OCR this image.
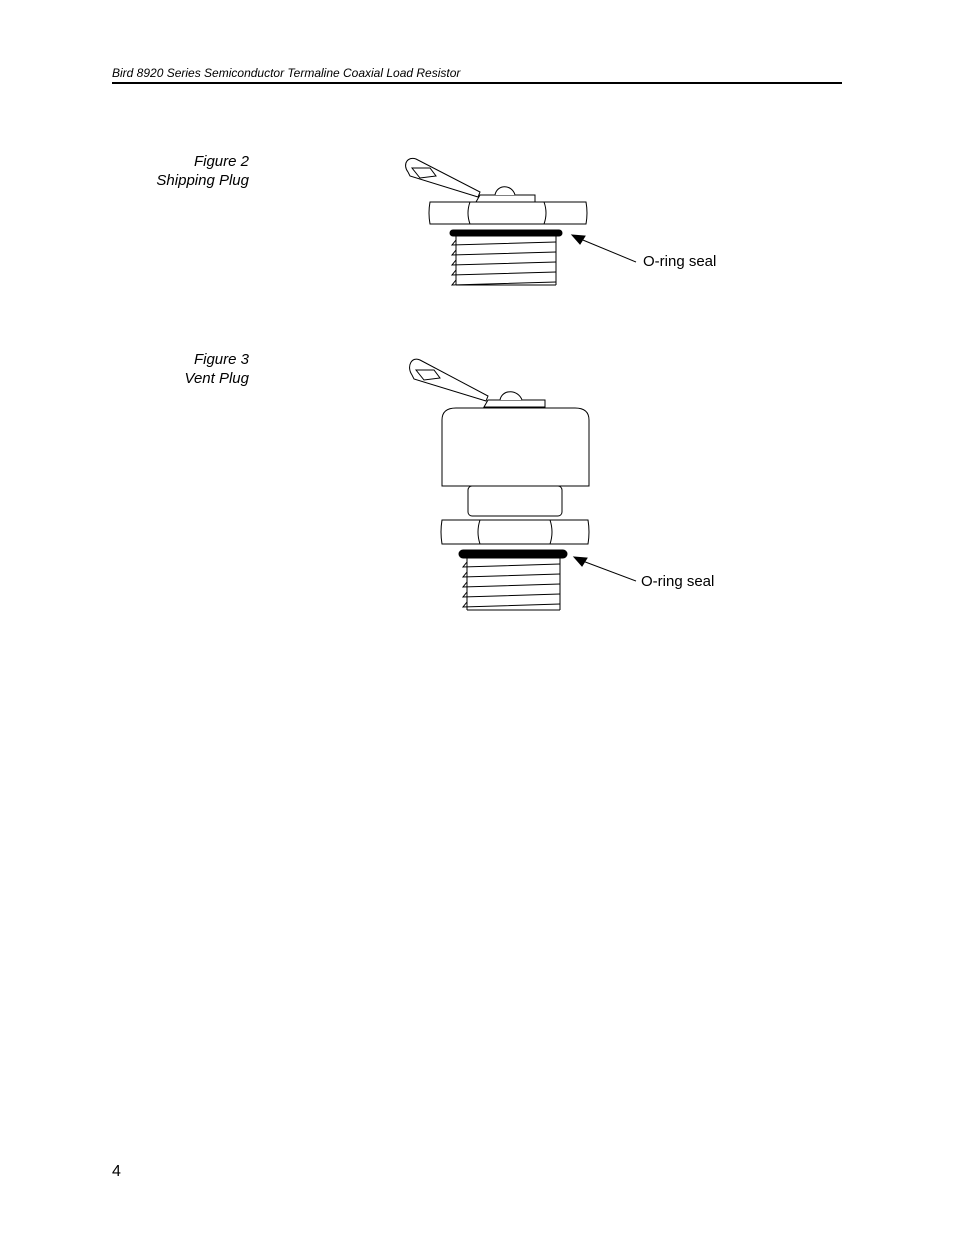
Bird 8920 Series Semiconductor Termaline Coaxial Load Resistor
Figure 2
Shipping Plug
O-ring seal
Figure 3
Vent Plug
O-ring seal
4
